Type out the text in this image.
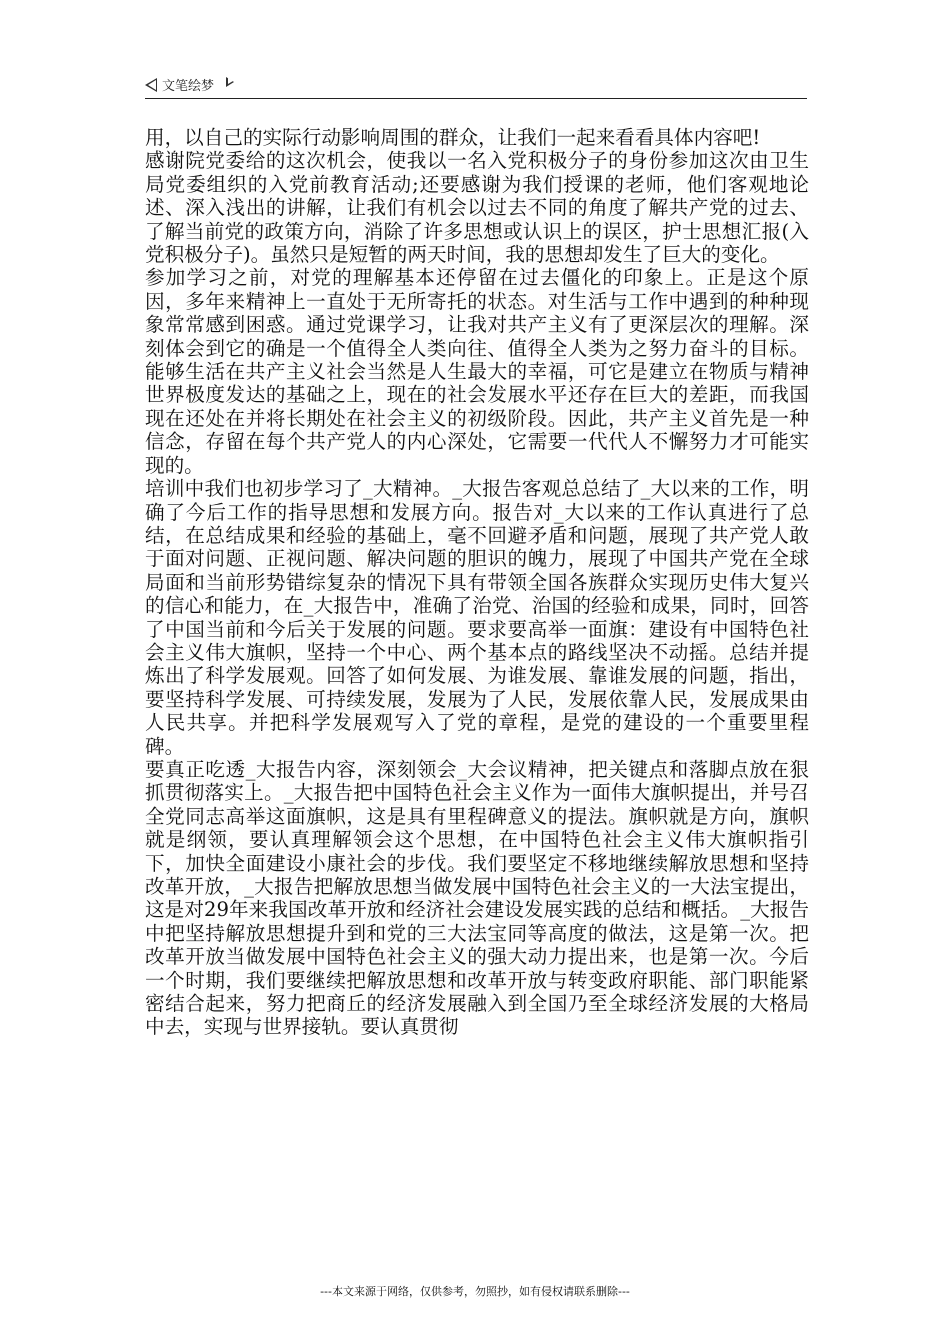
文笔绘梦

用，以自己的实际行动影响周围的群众，让我们一起来看看具体内容吧!

感谢院党委给的这次机会，使我以一名入党积极分子的身份参加这次由卫生局党委组织的入党前教育活动;还要感谢为我们授课的老师，他们客观地论述、深入浅出的讲解，让我们有机会以过去不同的角度了解共产党的过去、了解当前党的政策方向，消除了许多思想或认识上的误区，护士思想汇报(入党积极分子)。虽然只是短暂的两天时间，我的思想却发生了巨大的变化。

参加学习之前，对党的理解基本还停留在过去僵化的印象上。正是这个原因，多年来精神上一直处于无所寄托的状态。对生活与工作中遇到的种种现象常常感到困惑。通过党课学习，让我对共产主义有了更深层次的理解。深刻体会到它的确是一个值得全人类向往、值得全人类为之努力奋斗的目标。能够生活在共产主义社会当然是人生最大的幸福，可它是建立在物质与精神世界极度发达的基础之上，现在的社会发展水平还存在巨大的差距，而我国现在还处在并将长期处在社会主义的初级阶段。因此，共产主义首先是一种信念，存留在每个共产党人的内心深处，它需要一代代人不懈努力才可能实现的。

培训中我们也初步学习了_大精神。_大报告客观总总结了_大以来的工作，明确了今后工作的指导思想和发展方向。报告对_大以来的工作认真进行了总结，在总结成果和经验的基础上，毫不回避矛盾和问题，展现了共产党人敢于面对问题、正视问题、解决问题的胆识的魄力，展现了中国共产党在全球局面和当前形势错综复杂的情况下具有带领全国各族群众实现历史伟大复兴的信心和能力，在_大报告中，准确了治党、治国的经验和成果，同时，回答了中国当前和今后关于发展的问题。要求要高举一面旗：建设有中国特色社会主义伟大旗帜，坚持一个中心、两个基本点的路线坚决不动摇。总结并提炼出了科学发展观。回答了如何发展、为谁发展、靠谁发展的问题，指出，要坚持科学发展、可持续发展，发展为了人民，发展依靠人民，发展成果由人民共享。并把科学发展观写入了党的章程，是党的建设的一个重要里程碑。

要真正吃透_大报告内容，深刻领会_大会议精神，把关键点和落脚点放在狠抓贯彻落实上。_大报告把中国特色社会主义作为一面伟大旗帜提出，并号召全党同志高举这面旗帜，这是具有里程碑意义的提法。旗帜就是方向，旗帜就是纲领，要认真理解领会这个思想，在中国特色社会主义伟大旗帜指引下，加快全面建设小康社会的步伐。我们要坚定不移地继续解放思想和坚持改革开放，_大报告把解放思想当做发展中国特色社会主义的一大法宝提出，这是对29年来我国改革开放和经济社会建设发展实践的总结和概括。_大报告中把坚持解放思想提升到和党的三大法宝同等高度的做法，这是第一次。把改革开放当做发展中国特色社会主义的强大动力提出来，也是第一次。今后一个时期，我们要继续把解放思想和改革开放与转变政府职能、部门职能紧密结合起来，努力把商丘的经济发展融入到全国乃至全球经济发展的大格局中去，实现与世界接轨。要认真贯彻

---本文来源于网络，仅供参考，勿照抄，如有侵权请联系删除---
